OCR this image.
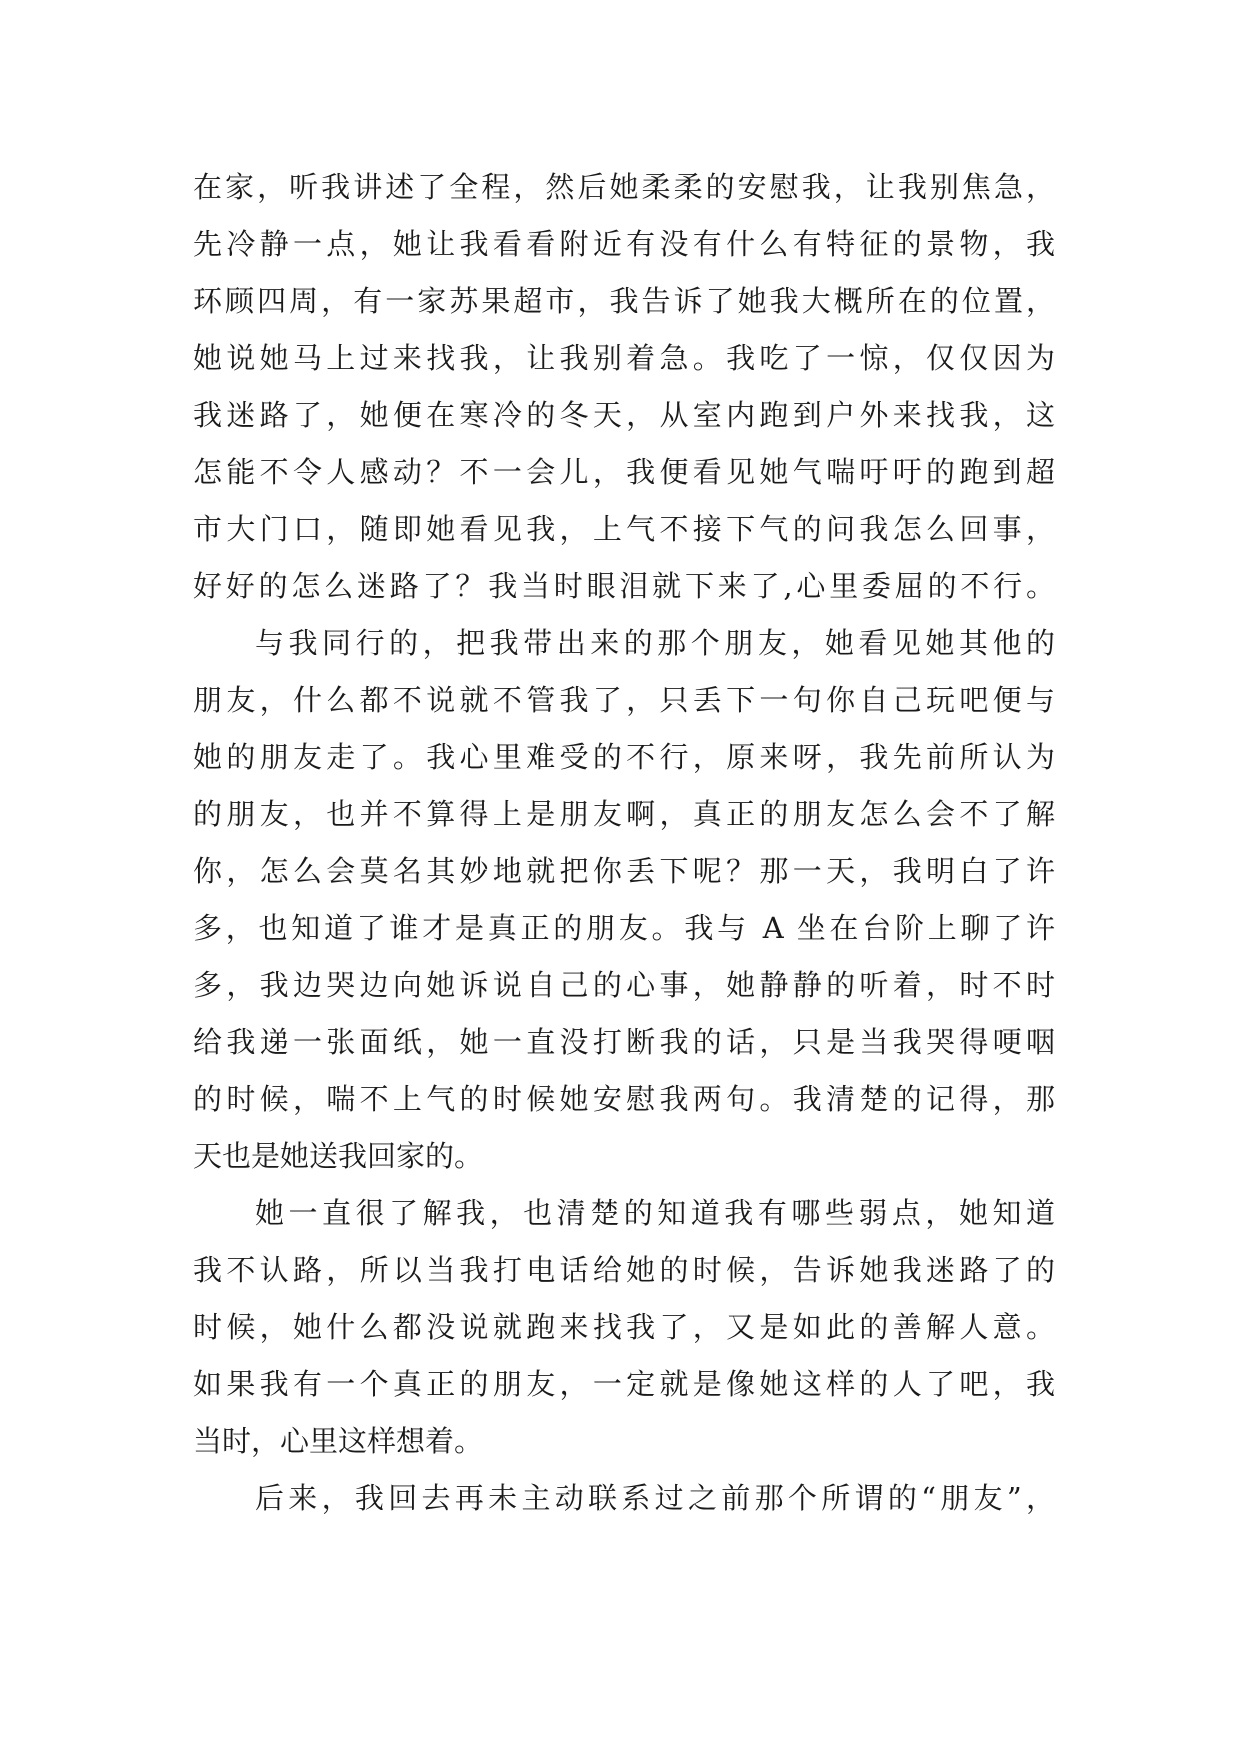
在家，听我讲述了全程，然后她柔柔的安慰我，让我别焦急，
先冷静一点，她让我看看附近有没有什么有特征的景物，我
环顾四周，有一家苏果超市，我告诉了她我大概所在的位置，
她说她马上过来找我，让我别着急。我吃了一惊，仅仅因为
我迷路了，她便在寒冷的冬天，从室内跑到户外来找我，这
怎能不令人感动？不一会儿，我便看见她气喘吁吁的跑到超
市大门口，随即她看见我，上气不接下气的问我怎么回事，
好好的怎么迷路了？我当时眼泪就下来了,心里委屈的不行。
与我同行的，把我带出来的那个朋友，她看见她其他的
朋友，什么都不说就不管我了，只丢下一句你自己玩吧便与
她的朋友走了。我心里难受的不行，原来呀，我先前所认为
的朋友，也并不算得上是朋友啊，真正的朋友怎么会不了解
你，怎么会莫名其妙地就把你丢下呢？那一天，我明白了许
多，也知道了谁才是真正的朋友。我与 A 坐在台阶上聊了许
多，我边哭边向她诉说自己的心事，她静静的听着，时不时
给我递一张面纸，她一直没打断我的话，只是当我哭得哽咽
的时候，喘不上气的时候她安慰我两句。我清楚的记得，那
天也是她送我回家的。
她一直很了解我，也清楚的知道我有哪些弱点，她知道
我不认路，所以当我打电话给她的时候，告诉她我迷路了的
时候，她什么都没说就跑来找我了，又是如此的善解人意。
如果我有一个真正的朋友，一定就是像她这样的人了吧，我
当时，心里这样想着。
后来，我回去再未主动联系过之前那个所谓的“朋友”，
